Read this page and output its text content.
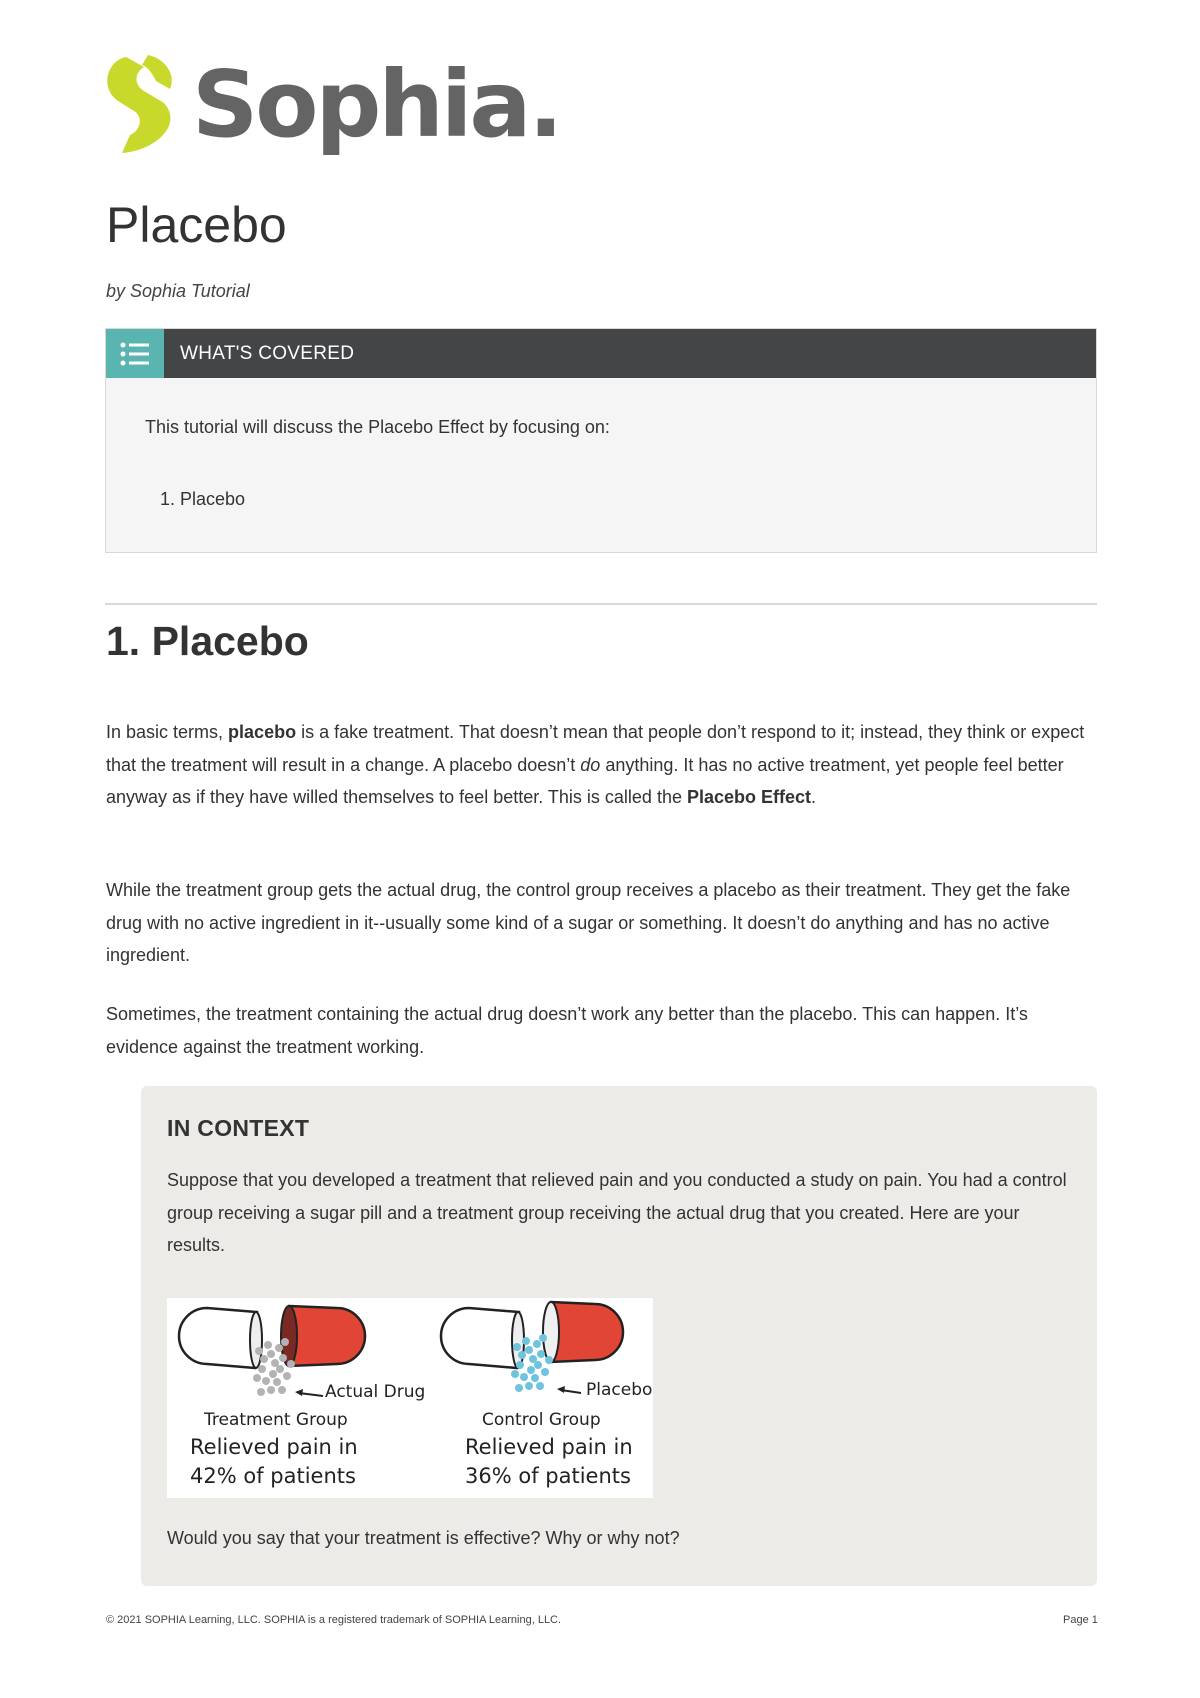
Sophia.
Placebo
by Sophia Tutorial
WHAT'S COVERED
This tutorial will discuss the Placebo Effect by focusing on:
1. Placebo
1. Placebo

In basic terms, placebo is a fake treatment. That doesn’t mean that people don’t respond to it; instead, they think or expect that the treatment will result in a change. A placebo doesn’t do anything. It has no active treatment, yet people feel better anyway as if they have willed themselves to feel better. This is called the Placebo Effect.

While the treatment group gets the actual drug, the control group receives a placebo as their treatment. They get the fake drug with no active ingredient in it--usually some kind of a sugar or something. It doesn’t do anything and has no active ingredient.

Sometimes, the treatment containing the actual drug doesn’t work any better than the placebo. This can happen. It’s evidence against the treatment working.

IN CONTEXT

Suppose that you developed a treatment that relieved pain and you conducted a study on pain. You had a control group receiving a sugar pill and a treatment group receiving the actual drug that you created. Here are your results.

Actual Drug
Treatment Group
Relieved pain in
42% of patients
Placebo
Control Group
Relieved pain in
36% of patients
Would you say that your treatment is effective? Why or why not?
© 2021 SOPHIA Learning, LLC. SOPHIA is a registered trademark of SOPHIA Learning, LLC.	Page 1
